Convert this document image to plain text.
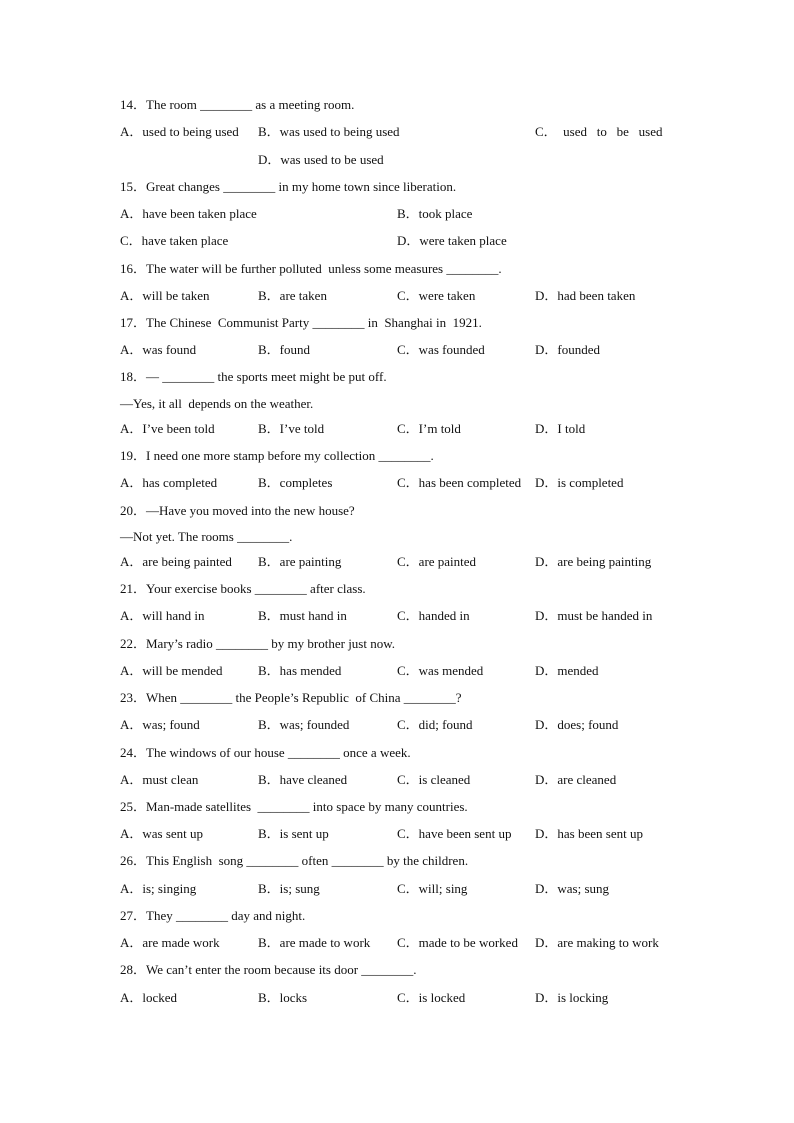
14．The room ________ as a meeting room.
A．used to being used B．was used to being used	C．  used   to   be   used
D．was used to be used
15．Great changes ________ in my home town since liberation.
A．have been taken place	B．took place
C．have taken place	D．were taken place
16．The water will be further polluted  unless some measures ________.
A．will be taken	B．are taken	C．were taken	D．had been taken
17．The Chinese  Communist Party ________ in  Shanghai in  1921.
A．was found	B．found	C．was founded	D．founded
18．— ________ the sports meet might be put off.
—Yes, it all  depends on the weather.
A．I’ve been told	B．I’ve told	C．I’m told	D．I told
19．I need one more stamp before my collection ________.
A．has completed	B．completes	C．has been completed D．is completed
20．—Have you moved into the new house?
—Not yet. The rooms ________.
A．are being painted B．are painting	C．are painted	D．are being painting
21．Your exercise books ________ after class.
A．will hand in	B．must hand in	C．handed in	D．must be handed in
22．Mary’s radio ________ by my brother just now.
A．will be mended	B．has mended	C．was mended	D．mended
23．When ________ the People’s Republic  of China ________?
A．was; found	B．was; founded	C．did; found	D．does; found
24．The windows of our house ________ once a week.
A．must clean	B．have cleaned	C．is cleaned	D．are cleaned
25．Man-made satellites  ________ into space by many countries.
A．was sent up	B．is sent up	C．have been sent up D．has been sent up
26．This English  song ________ often ________ by the children.
A．is; singing	B．is; sung	C．will; sing	D．was; sung
27．They ________ day and night.
A．are made work	B．are made to work C．made to be worked D．are making to work
28．We can’t enter the room because its door ________.
A．locked	B．locks	C．is locked	D．is locking
